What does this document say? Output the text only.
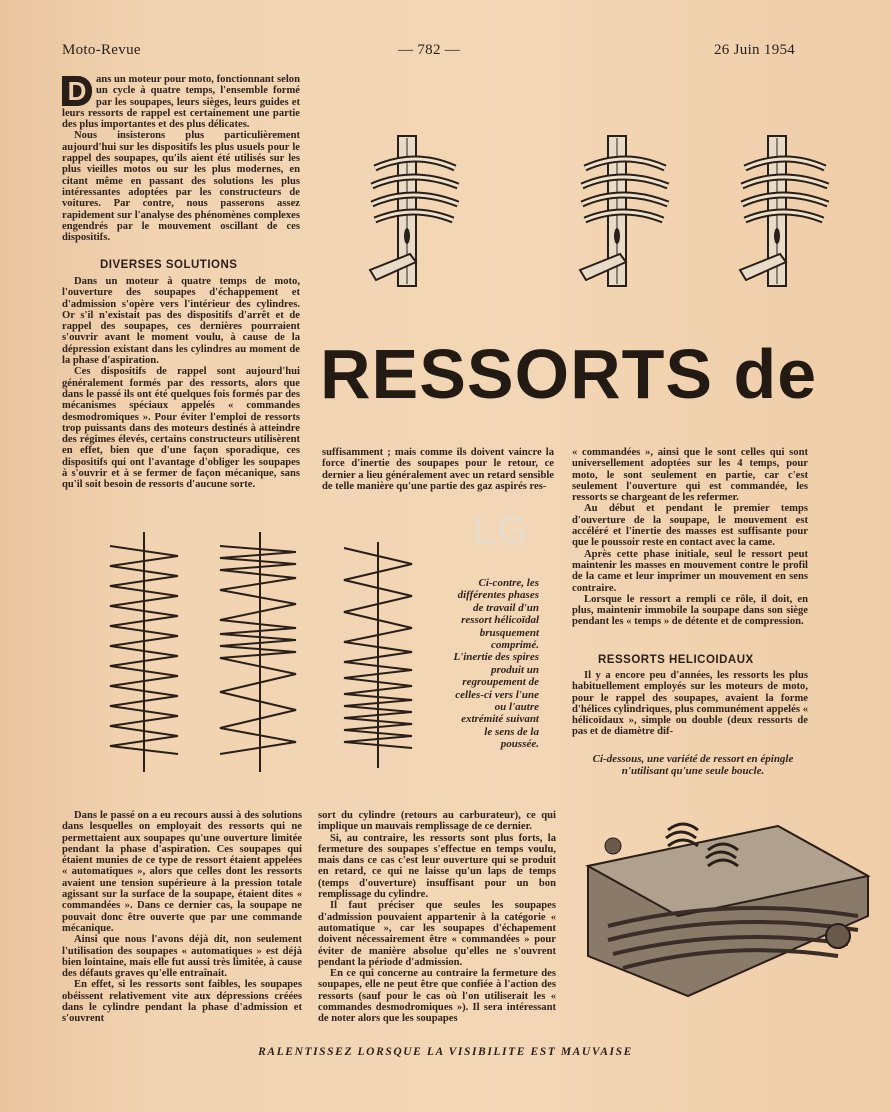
Moto-Revue	— 782 —	26 Juin 1954
D ans un moteur pour moto, fonctionnant selon un cycle à quatre temps, l'ensemble formé par les soupapes, leurs sièges, leurs guides et leurs ressorts de rappel est certainement une partie des plus importantes et des plus délicates.

Nous insisterons plus particulièrement aujourd'hui sur les dispositifs les plus usuels pour le rappel des soupapes, qu'ils aient été utilisés sur les plus vieilles motos ou sur les plus modernes, en citant même en passant des solutions les plus intéressantes adoptées par les constructeurs de voitures. Par contre, nous passerons assez rapidement sur l'analyse des phénomènes complexes engendrés par le mouvement oscillant de ces dispositifs.

DIVERSES SOLUTIONS

Dans un moteur à quatre temps de moto, l'ouverture des soupapes d'échappement et d'admission s'opère vers l'intérieur des cylindres. Or s'il n'existait pas des dispositifs d'arrêt et de rappel des soupapes, ces dernières pourraient s'ouvrir avant le moment voulu, à cause de la dépression existant dans les cylindres au moment de la phase d'aspiration.

Ces dispositifs de rappel sont aujourd'hui généralement formés par des ressorts, alors que dans le passé ils ont été quelques fois formés par des mécanismes spéciaux appelés « commandes desmodromiques ». Pour éviter l'emploi de ressorts trop puissants dans des moteurs destinés à atteindre des régimes élevés, certains constructeurs utilisèrent en effet, bien que d'une façon sporadique, ces dispositifs qui ont l'avantage d'obliger les soupapes à s'ouvrir et à se fermer de façon mécanique, sans qu'il soit besoin de ressorts d'aucune sorte.

RESSORTS de

suffisamment ; mais comme ils doivent vaincre la force d'inertie des soupapes pour le retour, ce dernier a lieu généralement avec un retard sensible de telle manière qu'une partie des gaz aspirés res-

« commandées », ainsi que le sont celles qui sont universellement adoptées sur les 4 temps, pour moto, le sont seulement en partie, car c'est seulement l'ouverture qui est commandée, les ressorts se chargeant de les refermer.

Au début et pendant le premier temps d'ouverture de la soupape, le mouvement est accéléré et l'inertie des masses est suffisante pour que le poussoir reste en contact avec la came.

Après cette phase initiale, seul le ressort peut maintenir les masses en mouvement contre le profil de la came et leur imprimer un mouvement en sens contraire.

Lorsque le ressort a rempli ce rôle, il doit, en plus, maintenir immobile la soupape dans son siège pendant les « temps » de détente et de compression.

RESSORTS HELICOIDAUX

Il y a encore peu d'années, les ressorts les plus habituellement employés sur les moteurs de moto, pour le rappel des soupapes, avaient la forme d'hélices cylindriques, plus communément appelés « hélicoïdaux », simple ou double (deux ressorts de pas et de diamètre dif-

LG
Ci-contre, les différentes phases de travail d'un ressort hélicoïdal brusquement comprimé. L'inertie des spires produit un regroupement de celles-ci vers l'une ou l'autre extrémité suivant le sens de la poussée.
Ci-dessous, une variété de ressort en épingle n'utilisant qu'une seule boucle.

Dans le passé on a eu recours aussi à des solutions dans lesquelles on employait des ressorts qui ne permettaient aux soupapes qu'une ouverture limitée pendant la phase d'aspiration. Ces soupapes qui étaient munies de ce type de ressort étaient appelées « automatiques », alors que celles dont les ressorts avaient une tension supérieure à la pression totale agissant sur la surface de la soupape, étaient dites « commandées ». Dans ce dernier cas, la soupape ne pouvait donc être ouverte que par une commande mécanique.

Ainsi que nous l'avons déjà dit, non seulement l'utilisation des soupapes « automatiques » est déjà bien lointaine, mais elle fut aussi très limitée, à cause des défauts graves qu'elle entraînait.

En effet, si les ressorts sont faibles, les soupapes obéissent relativement vite aux dépressions créées dans le cylindre pendant la phase d'admission et s'ouvrent

sort du cylindre (retours au carburateur), ce qui implique un mauvais remplissage de ce dernier.

Si, au contraire, les ressorts sont plus forts, la fermeture des soupapes s'effectue en temps voulu, mais dans ce cas c'est leur ouverture qui se produit en retard, ce qui ne laisse qu'un laps de temps (temps d'ouverture) insuffisant pour un bon remplissage du cylindre.

Il faut préciser que seules les soupapes d'admission pouvaient appartenir à la catégorie « automatique », car les soupapes d'échapement doivent nécessairement être « commandées » pour éviter de manière absolue qu'elles ne s'ouvrent pendant la période d'admission.

En ce qui concerne au contraire la fermeture des soupapes, elle ne peut être que confiée à l'action des ressorts (sauf pour le cas où l'on utiliserait les « commandes desmodromiques »). Il sera intéressant de noter alors que les soupapes

RALENTISSEZ LORSQUE LA VISIBILITE EST MAUVAISE
